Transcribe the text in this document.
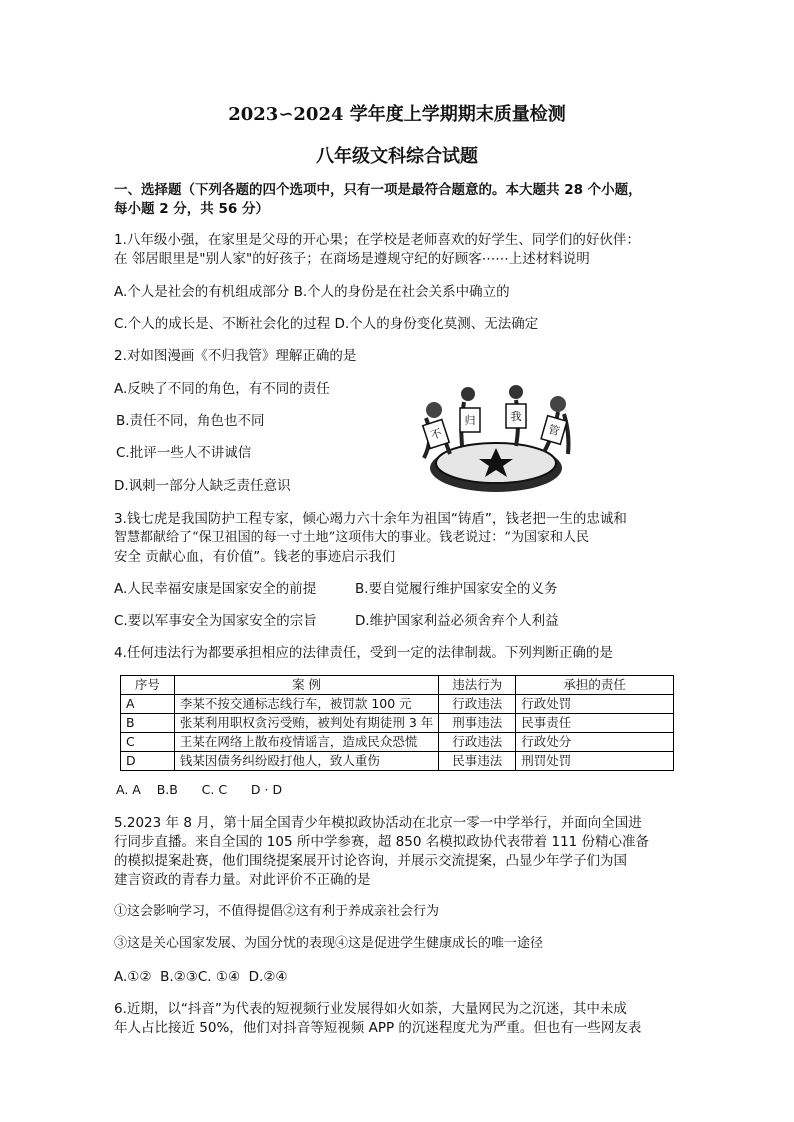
2023∽2024 学年度上学期期末质量检测
八年级文科综合试题
一、选择题（下列各题的四个选项中，只有一项是最符合题意的。本大题共 28 个小题，
每小题 2 分，共 56 分）
1.八年级小强，在家里是父母的开心果；在学校是老师喜欢的好学生、同学们的好伙伴：
在 邻居眼里是"别人家"的好孩子；在商场是遵规守纪的好顾客⋯⋯上述材料说明
A.个人是社会的有机组成部分 B.个人的身份是在社会关系中确立的
C.个人的成长是、不断社会化的过程 D.个人的身份变化莫测、无法确定
2.对如图漫画《不归我管》理解正确的是
A.反映了不同的角色，有不同的责任
B.责任不同，角色也不同
C.批评一些人不讲诚信
D.讽刺一部分人缺乏责任意识
不
归	我
管
3.钱七虎是我国防护工程专家，倾心竭力六十余年为祖国“铸盾”，钱老把一生的忠诚和
智慧都献给了“保卫祖国的每一寸土地”这项伟大的事业。钱老说过：“为国家和人民
安全 贡献心血，有价值”。钱老的事迹启示我们
A.人民幸福安康是国家安全的前提	B.要自觉履行维护国家安全的义务
C.要以军事安全为国家安全的宗旨	D.维护国家利益必须舍弃个人利益
4.任何违法行为都要承担相应的法律责任，受到一定的法律制裁。下列判断正确的是
序号	案 例	违法行为	承担的责任
A	李某不按交通标志线行车，被罚款 100 元	行政违法	行政处罚
B	张某利用职权贪污受贿，被判处有期徒刑 3 年	刑事违法	民事责任
C	王某在网络上散布疫情谣言，造成民众恐慌	行政违法	行政处分
D	钱某因债务纠纷殴打他人，致人重伤	民事违法	刑罚处罚
A. A    B.B      C. C      D · D
5.2023 年 8 月，第十届全国青少年模拟政协活动在北京一零一中学举行，并面向全国进
行同步直播。来自全国的 105 所中学参赛，超 850 名模拟政协代表带着 111 份精心准备
的模拟提案赴赛，他们围绕提案展开讨论咨询，并展示交流提案，凸显少年学子们为国
建言资政的青春力量。对此评价不正确的是
①这会影响学习，不值得提倡②这有利于养成亲社会行为
③这是关心国家发展、为国分忧的表现④这是促进学生健康成长的唯一途径
A.①②  B.②③C. ①④  D.②④
6.近期，以“抖音”为代表的短视频行业发展得如火如荼，大量网民为之沉迷，其中未成
年人占比接近 50%，他们对抖音等短视频 APP 的沉迷程度尤为严重。但也有一些网友表
